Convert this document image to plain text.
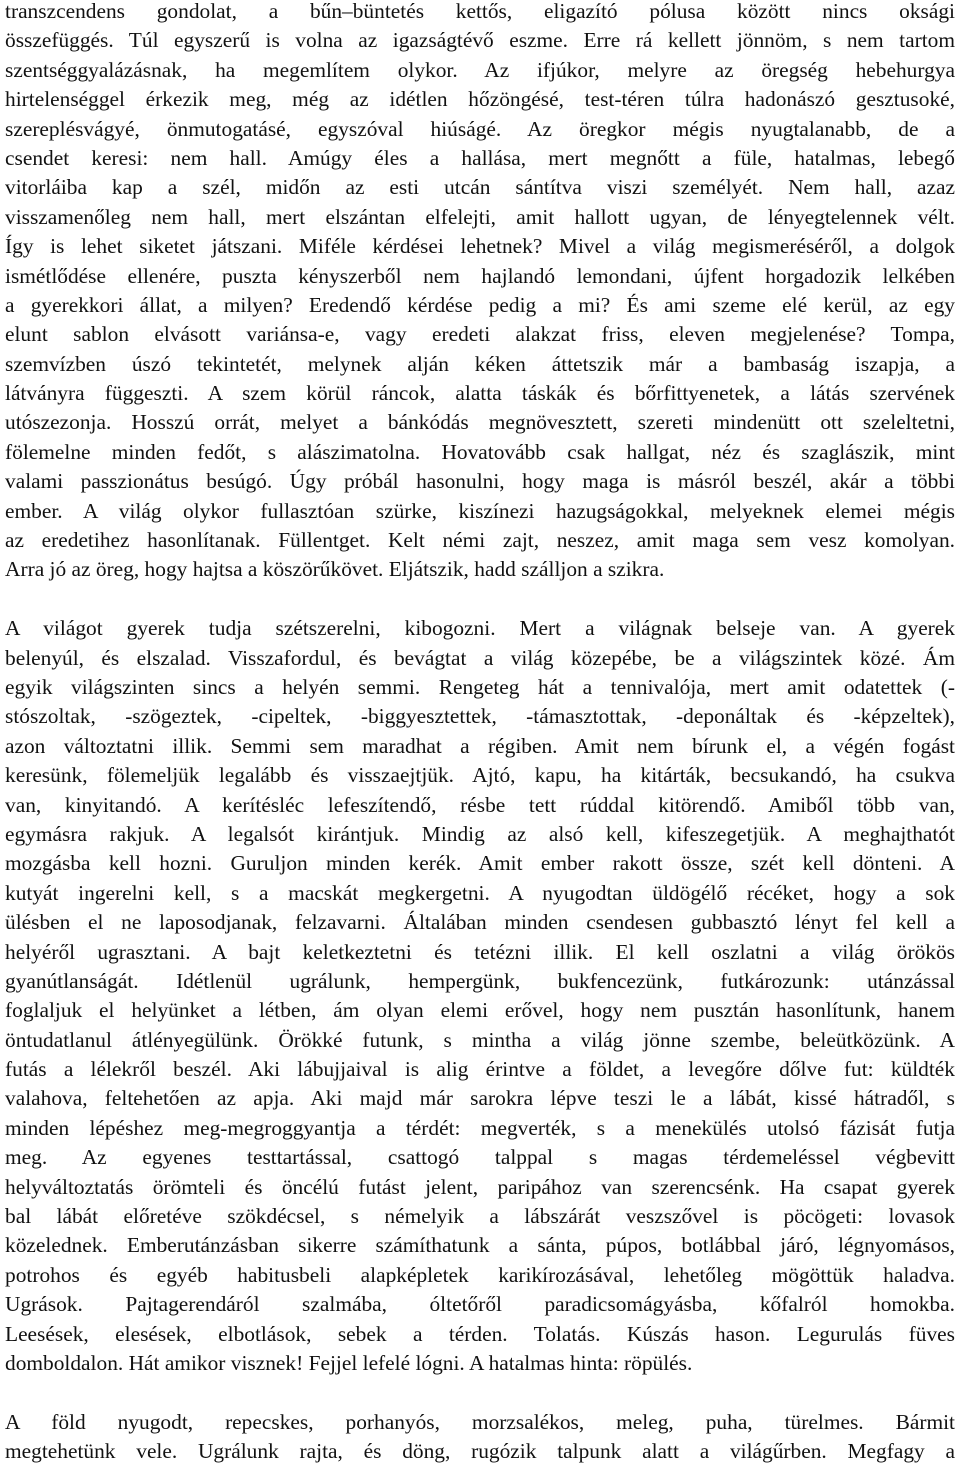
transzcendens gondolat, a bűn–büntetés kettős, eligazító pólusa között nincs oksági
összefüggés. Túl egyszerű is volna az igazságtévő eszme. Erre rá kellett jönnöm, s nem tartom
szentséggyalázásnak, ha megemlítem olykor. Az ifjúkor, melyre az öregség hebehurgya
hirtelenséggel érkezik meg, még az idétlen hőzöngésé, test-téren túlra hadonászó gesztusoké,
szereplésvágyé, önmutogatásé, egyszóval hiúságé. Az öregkor mégis nyugtalanabb, de a
csendet keresi: nem hall. Amúgy éles a hallása, mert megnőtt a füle, hatalmas, lebegő
vitorláiba kap a szél, midőn az esti utcán sántítva viszi személyét. Nem hall, azaz
visszamenőleg nem hall, mert elszántan elfelejti, amit hallott ugyan, de lényegtelennek vélt.
Így is lehet siketet játszani. Miféle kérdései lehetnek? Mivel a világ megismeréséről, a dolgok
ismétlődése ellenére, puszta kényszerből nem hajlandó lemondani, újfent horgadozik lelkében
a gyerekkori állat, a milyen? Eredendő kérdése pedig a mi? És ami szeme elé kerül, az egy
elunt sablon elvásott variánsa-e, vagy eredeti alakzat friss, eleven megjelenése? Tompa,
szemvízben úszó tekintetét, melynek alján kéken áttetszik már a bambaság iszapja, a
látványra függeszti. A szem körül ráncok, alatta táskák és bőrfittyenetek, a látás szervének
utószezonja. Hosszú orrát, melyet a bánkódás megnövesztett, szereti mindenütt ott szeleltetni,
fölemelne minden fedőt, s alászimatolna. Hovatovább csak hallgat, néz és szaglászik, mint
valami passzionátus besúgó. Úgy próbál hasonulni, hogy maga is másról beszél, akár a többi
ember. A világ olykor fullasztóan szürke, kiszínezi hazugságokkal, melyeknek elemei mégis
az eredetihez hasonlítanak. Füllentget. Kelt némi zajt, neszez, amit maga sem vesz komolyan.
Arra jó az öreg, hogy hajtsa a köszörűkövet. Eljátszik, hadd szálljon a szikra.
A világot gyerek tudja szétszerelni, kibogozni. Mert a világnak belseje van. A gyerek
belenyúl, és elszalad. Visszafordul, és bevágtat a világ közepébe, be a világszintek közé. Ám
egyik világszinten sincs a helyén semmi. Rengeteg hát a tennivalója, mert amit odatettek (-
stószoltak, -szögeztek, -cipeltek, -biggyesztettek, -támasztottak, -deponáltak és -képzeltek),
azon változtatni illik. Semmi sem maradhat a régiben. Amit nem bírunk el, a végén fogást
keresünk, fölemeljük legalább és visszaejtjük. Ajtó, kapu, ha kitárták, becsukandó, ha csukva
van, kinyitandó. A kerítésléc lefeszítendő, résbe tett rúddal kitörendő. Amiből több van,
egymásra rakjuk. A legalsót kirántjuk. Mindig az alsó kell, kifeszegetjük. A meghajthatót
mozgásba kell hozni. Guruljon minden kerék. Amit ember rakott össze, szét kell dönteni. A
kutyát ingerelni kell, s a macskát megkergetni. A nyugodtan üldögélő récéket, hogy a sok
ülésben el ne laposodjanak, felzavarni. Általában minden csendesen gubbasztó lényt fel kell a
helyéről ugrasztani. A bajt keletkeztetni és tetézni illik. El kell oszlatni a világ örökös
gyanútlanságát. Idétlenül ugrálunk, hempergünk, bukfencezünk, futkározunk: utánzással
foglaljuk el helyünket a létben, ám olyan elemi erővel, hogy nem pusztán hasonlítunk, hanem
öntudatlanul átlényegülünk. Örökké futunk, s mintha a világ jönne szembe, beleütközünk. A
futás a lélekről beszél. Aki lábujjaival is alig érintve a földet, a levegőre dőlve fut: küldték
valahova, feltehetően az apja. Aki majd már sarokra lépve teszi le a lábát, kissé hátradől, s
minden lépéshez meg-megroggyantja a térdét: megverték, s a menekülés utolsó fázisát futja
meg. Az egyenes testtartással, csattogó talppal s magas térdemeléssel végbevitt
helyváltoztatás örömteli és öncélú futást jelent, paripához van szerencsénk. Ha csapat gyerek
bal lábát előretéve szökdécsel, s némelyik a lábszárát veszszővel is pöcögeti: lovasok
közelednek. Emberutánzásban sikerre számíthatunk a sánta, púpos, botlábbal járó, légnyomásos,
potrohos és egyéb habitusbeli alapképletek karikírozásával, lehetőleg mögöttük haladva.
Ugrások. Pajtagerendáról szalmába, óltetőről paradicsomágyásba, kőfalról homokba.
Leesések, elesések, elbotlások, sebek a térden. Tolatás. Kúszás hason. Legurulás füves
domboldalon. Hát amikor visznek! Fejjel lefelé lógni. A hatalmas hinta: röpülés.
A föld nyugodt, repecskes, porhanyós, morzsalékos, meleg, puha, türelmes. Bármit
megtehetünk vele. Ugrálunk rajta, és döng, rugózik talpunk alatt a világűrben. Megfagy a
